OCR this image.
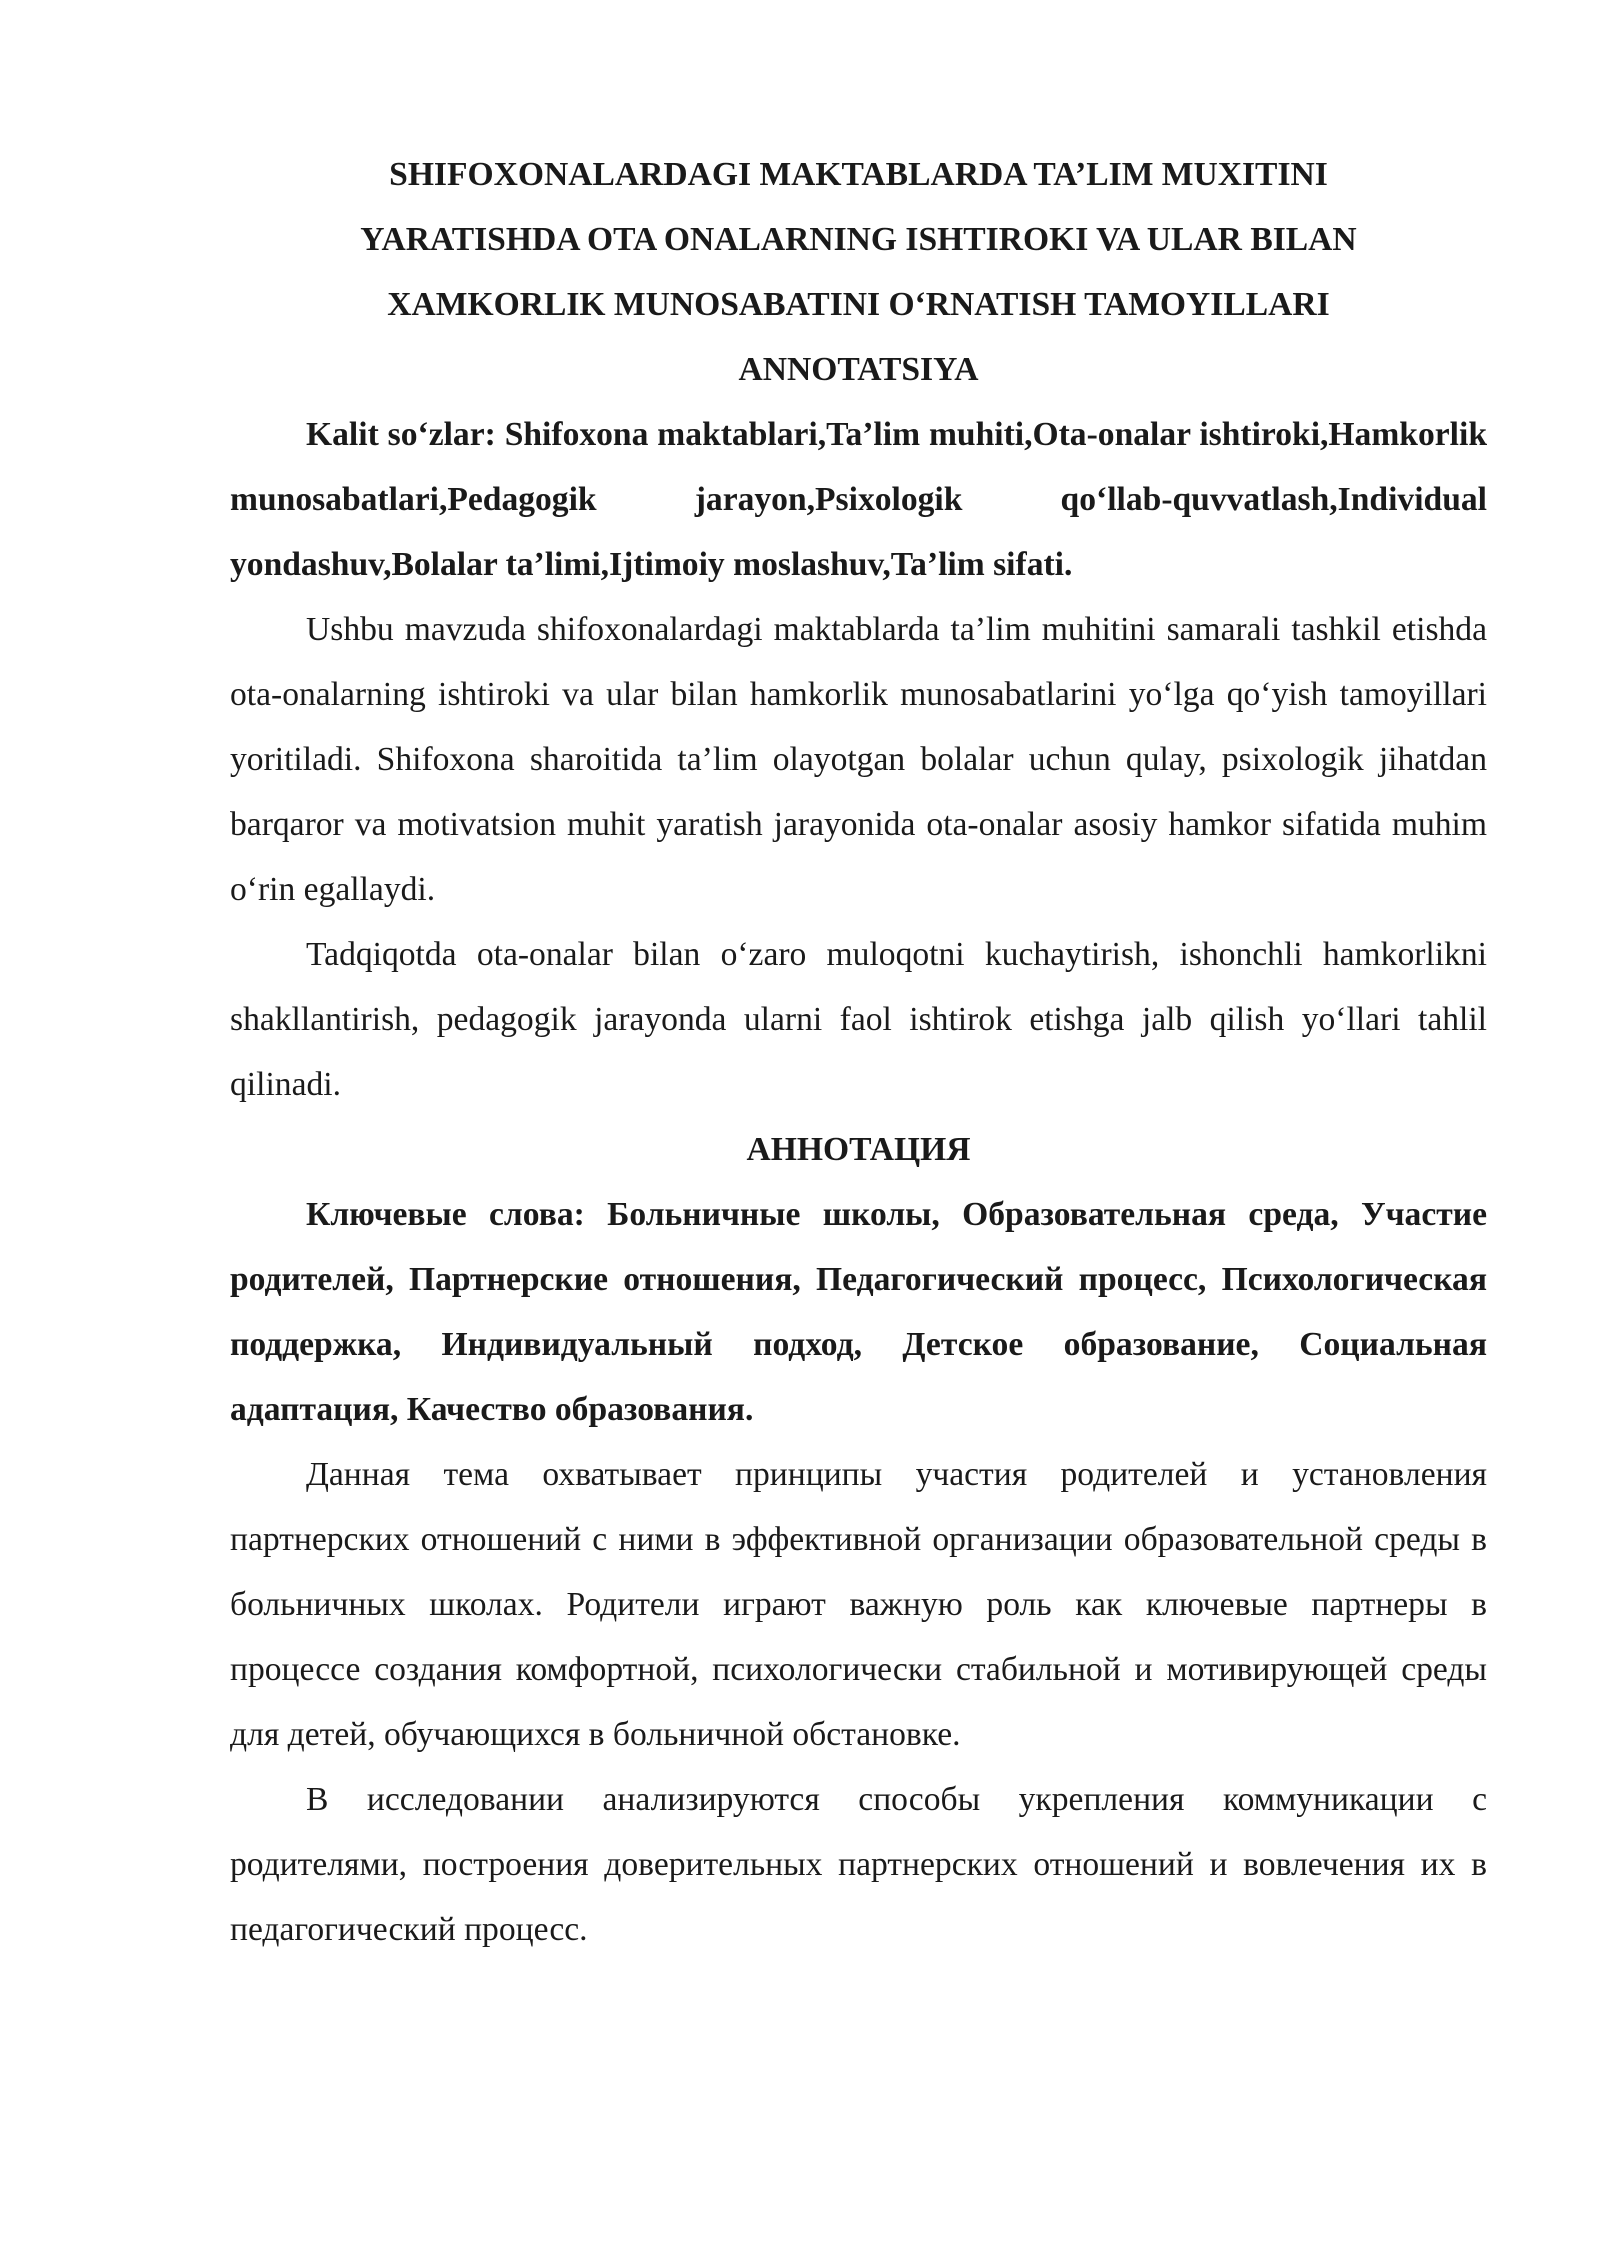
SHIFOXONALARDAGI MAKTABLARDA TA’LIM MUXITINI YARATISHDA OTA ONALARNING ISHTIROKI VA ULAR BILAN XAMKORLIK MUNOSABATINI O‘RNATISH TAMOYILLARI
ANNOTATSIYA

Kalit so‘zlar: Shifoxona maktablari,Ta’lim muhiti,Ota-onalar ishtiroki,Hamkorlik munosabatlari,Pedagogik jarayon,Psixologik qo‘llab-quvvatlash,Individual yondashuv,Bolalar ta’limi,Ijtimoiy moslashuv,Ta’lim sifati.

Ushbu mavzuda shifoxonalardagi maktablarda ta’lim muhitini samarali tashkil etishda ota-onalarning ishtiroki va ular bilan hamkorlik munosabatlarini yo‘lga qo‘yish tamoyillari yoritiladi. Shifoxona sharoitida ta’lim olayotgan bolalar uchun qulay, psixologik jihatdan barqaror va motivatsion muhit yaratish jarayonida ota-onalar asosiy hamkor sifatida muhim o‘rin egallaydi.

Tadqiqotda ota-onalar bilan o‘zaro muloqotni kuchaytirish, ishonchli hamkorlikni shakllantirish, pedagogik jarayonda ularni faol ishtirok etishga jalb qilish yo‘llari tahlil qilinadi.

АННОТАЦИЯ

Ключевые слова: Больничные школы, Образовательная среда, Участие родителей, Партнерские отношения, Педагогический процесс, Психологическая поддержка, Индивидуальный подход, Детское образование, Социальная адаптация, Качество образования.

Данная тема охватывает принципы участия родителей и установления партнерских отношений с ними в эффективной организации образовательной среды в больничных школах. Родители играют важную роль как ключевые партнеры в процессе создания комфортной, психологически стабильной и мотивирующей среды для детей, обучающихся в больничной обстановке.

В исследовании анализируются способы укрепления коммуникации с родителями, построения доверительных партнерских отношений и вовлечения их в педагогический процесс.
